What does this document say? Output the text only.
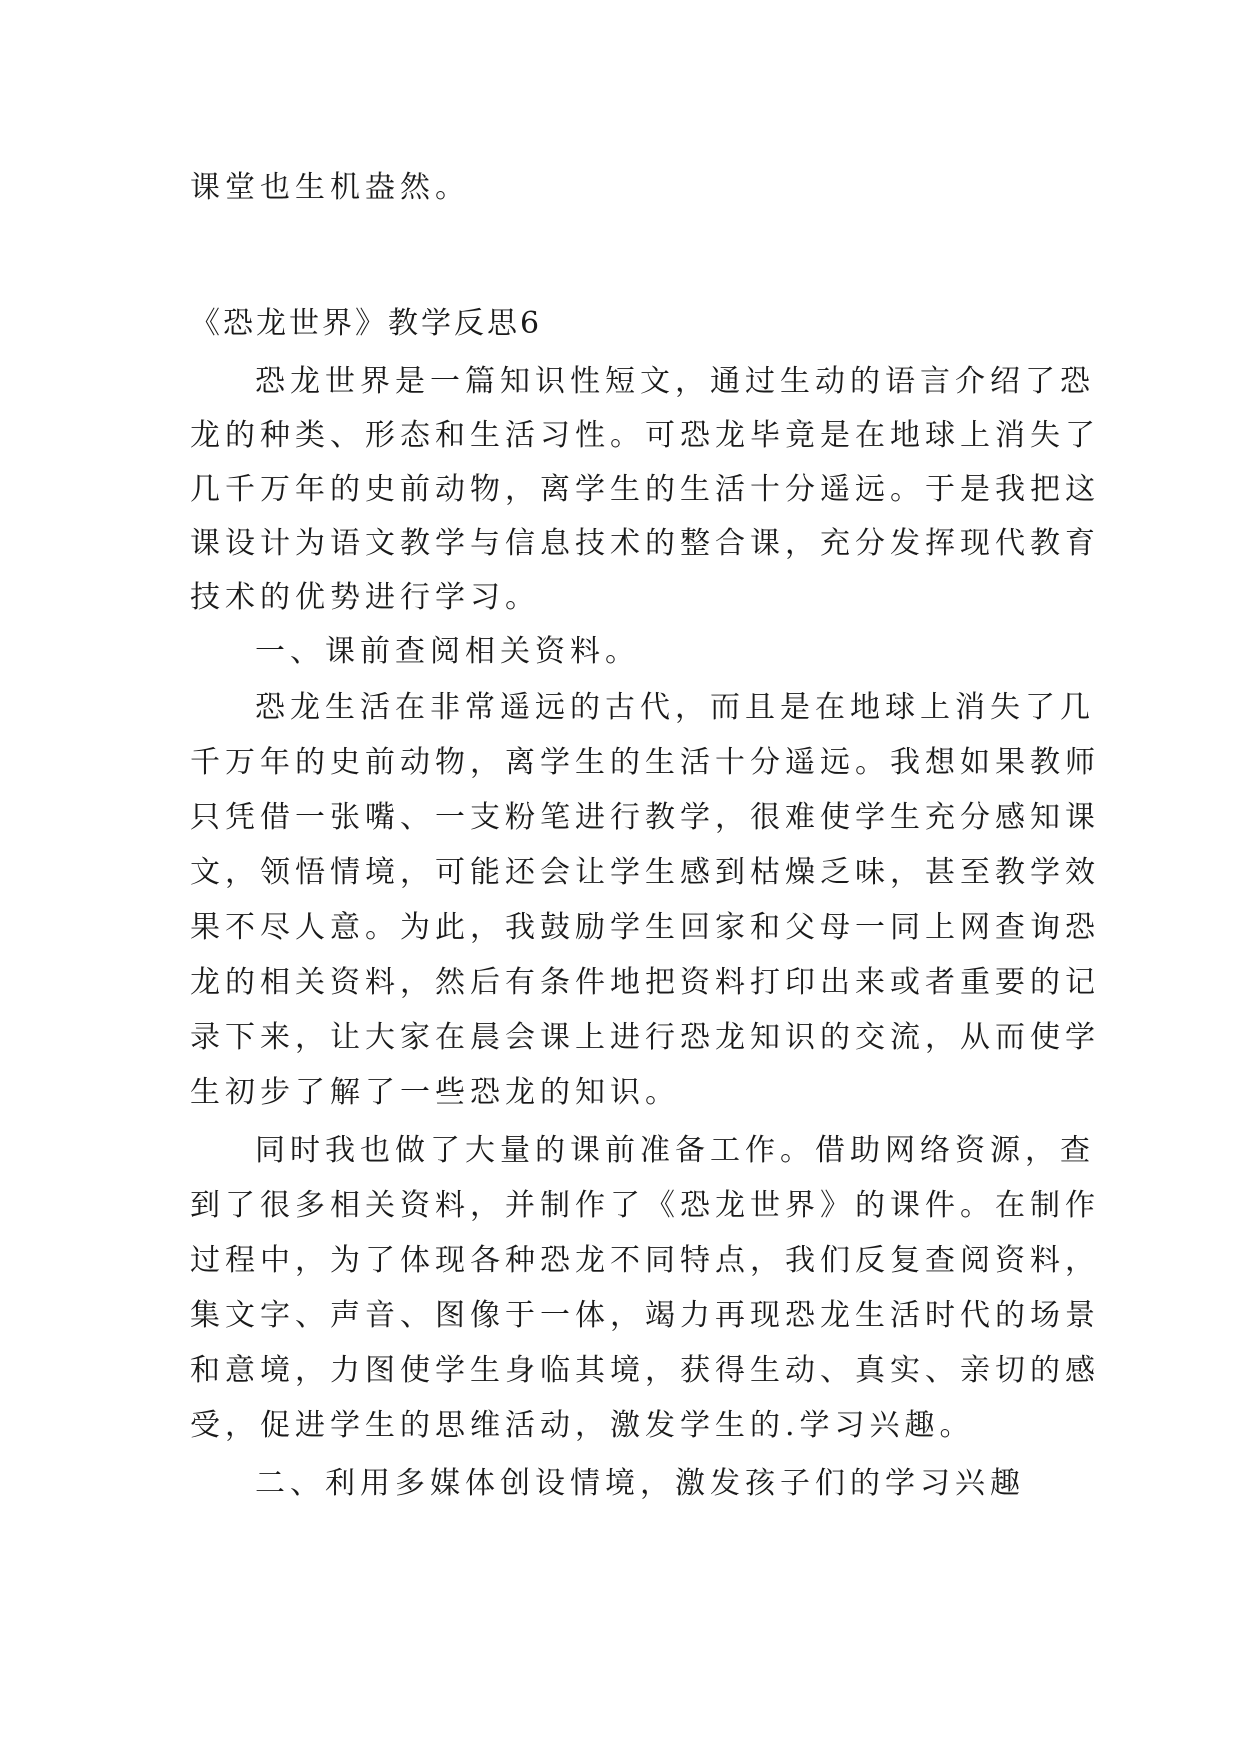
课堂也生机盎然。
《恐龙世界》教学反思6
恐龙世界是一篇知识性短文，通过生动的语言介绍了恐
龙的种类、形态和生活习性。可恐龙毕竟是在地球上消失了
几千万年的史前动物，离学生的生活十分遥远。于是我把这
课设计为语文教学与信息技术的整合课，充分发挥现代教育
技术的优势进行学习。
一、课前查阅相关资料。
恐龙生活在非常遥远的古代，而且是在地球上消失了几
千万年的史前动物，离学生的生活十分遥远。我想如果教师
只凭借一张嘴、一支粉笔进行教学，很难使学生充分感知课
文，领悟情境，可能还会让学生感到枯燥乏味，甚至教学效
果不尽人意。为此，我鼓励学生回家和父母一同上网查询恐
龙的相关资料，然后有条件地把资料打印出来或者重要的记
录下来，让大家在晨会课上进行恐龙知识的交流，从而使学
生初步了解了一些恐龙的知识。
同时我也做了大量的课前准备工作。借助网络资源，查
到了很多相关资料，并制作了《恐龙世界》的课件。在制作
过程中，为了体现各种恐龙不同特点，我们反复查阅资料，
集文字、声音、图像于一体，竭力再现恐龙生活时代的场景
和意境，力图使学生身临其境，获得生动、真实、亲切的感
受，促进学生的思维活动，激发学生的.学习兴趣。
二、利用多媒体创设情境，激发孩子们的学习兴趣
